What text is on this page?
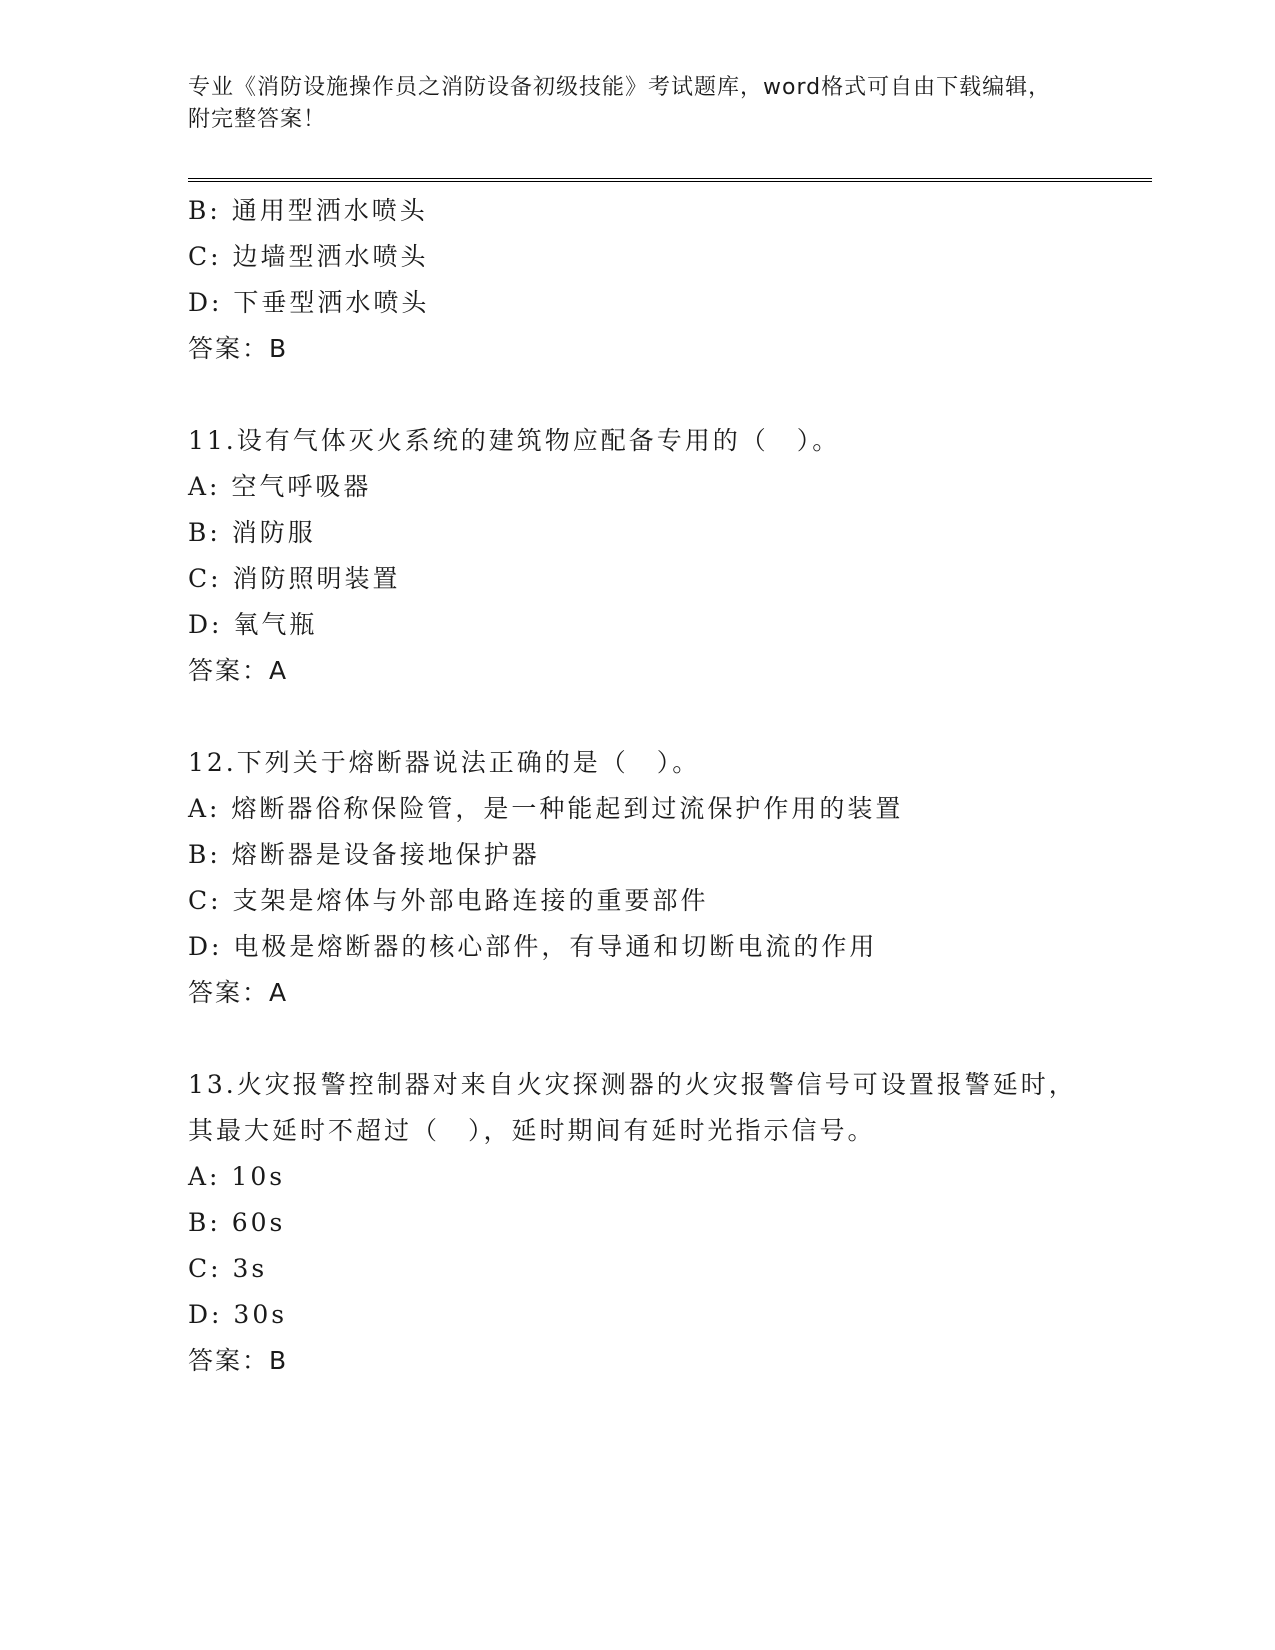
专业《消防设施操作员之消防设备初级技能》考试题库，word格式可自由下载编辑，附完整答案！
B: 通用型洒水喷头
C: 边墙型洒水喷头
D: 下垂型洒水喷头
答案：B
11.设有气体灭火系统的建筑物应配备专用的（　）。
A: 空气呼吸器
B: 消防服
C: 消防照明装置
D: 氧气瓶
答案：A
12.下列关于熔断器说法正确的是（　）。
A: 熔断器俗称保险管，是一种能起到过流保护作用的装置
B: 熔断器是设备接地保护器
C: 支架是熔体与外部电路连接的重要部件
D: 电极是熔断器的核心部件，有导通和切断电流的作用
答案：A
13.火灾报警控制器对来自火灾探测器的火灾报警信号可设置报警延时，其最大延时不超过（　），延时期间有延时光指示信号。
A: 10s
B: 60s
C: 3s
D: 30s
答案：B
